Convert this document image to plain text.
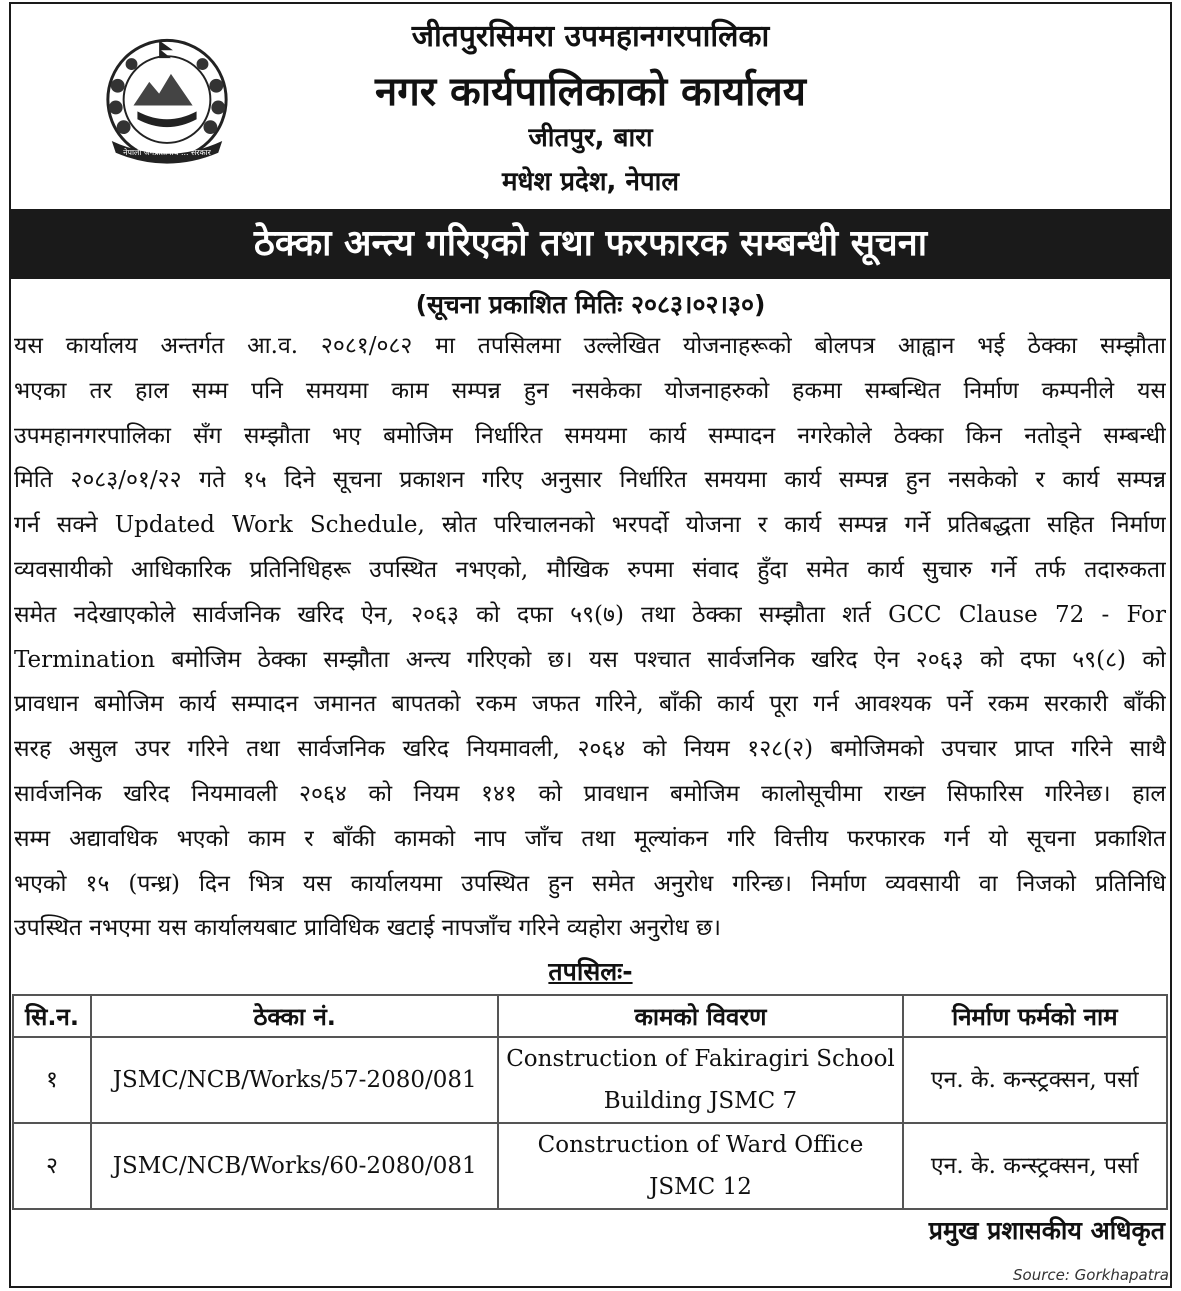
नेपाली जनप्रतिनिधि ... सरकार
जीतपुरसिमरा उपमहानगरपालिका
नगर कार्यपालिकाको कार्यालय
जीतपुर, बारा
मधेश प्रदेश, नेपाल
ठेक्का अन्त्य गरिएको तथा फरफारक सम्बन्धी सूचना
(सूचना प्रकाशित मितिः २०८३।०२।३०)
यस कार्यालय अन्तर्गत आ.व. २०८१/०८२ मा तपसिलमा उल्लेखित योजनाहरूको बोलपत्र आह्वान भई ठेक्का सम्झौता
भएका तर हाल सम्म पनि समयमा काम सम्पन्न हुन नसकेका योजनाहरुको हकमा सम्बन्धित निर्माण कम्पनीले यस
उपमहानगरपालिका सँग सम्झौता भए बमोजिम निर्धारित समयमा कार्य सम्पादन नगरेकोले ठेक्का किन नतोड्ने सम्बन्धी
मिति २०८३/०१/२२ गते १५ दिने सूचना प्रकाशन गरिए अनुसार निर्धारित समयमा कार्य सम्पन्न हुन नसकेको र कार्य सम्पन्न
गर्न सक्ने Updated Work Schedule, स्रोत परिचालनको भरपर्दो योजना र कार्य सम्पन्न गर्ने प्रतिबद्धता सहित निर्माण
व्यवसायीको आधिकारिक प्रतिनिधिहरू उपस्थित नभएको, मौखिक रुपमा संवाद हुँदा समेत कार्य सुचारु गर्ने तर्फ तदारुकता
समेत नदेखाएकोले सार्वजनिक खरिद ऐन, २०६३ को दफा ५९(७) तथा ठेक्का सम्झौता शर्त GCC Clause 72 - For
Termination बमोजिम ठेक्का सम्झौता अन्त्य गरिएको छ। यस पश्चात सार्वजनिक खरिद ऐन २०६३ को दफा ५९(८) को
प्रावधान बमोजिम कार्य सम्पादन जमानत बापतको रकम जफत गरिने, बाँकी कार्य पूरा गर्न आवश्यक पर्ने रकम सरकारी बाँकी
सरह असुल उपर गरिने तथा सार्वजनिक खरिद नियमावली, २०६४ को नियम १२८(२) बमोजिमको उपचार प्राप्त गरिने साथै
सार्वजनिक खरिद नियमावली २०६४ को नियम १४१ को प्रावधान बमोजिम कालोसूचीमा राख्न सिफारिस गरिनेछ। हाल
सम्म अद्यावधिक भएको काम र बाँकी कामको नाप जाँच तथा मूल्यांकन गरि वित्तीय फरफारक गर्न यो सूचना प्रकाशित
भएको १५ (पन्ध्र) दिन भित्र यस कार्यालयमा उपस्थित हुन समेत अनुरोध गरिन्छ। निर्माण व्यवसायी वा निजको प्रतिनिधि
उपस्थित नभएमा यस कार्यालयबाट प्राविधिक खटाई नापजाँच गरिने व्यहोरा अनुरोध छ।
तपसिलः-
सि.न.	ठेक्का नं.	कामको विवरण	निर्माण फर्मको नाम
१	JSMC/NCB/Works/57-2080/081	Construction of Fakiragiri School
Building JSMC 7	एन. के. कन्स्ट्रक्सन, पर्सा
२	JSMC/NCB/Works/60-2080/081	Construction of Ward Office
JSMC 12	एन. के. कन्स्ट्रक्सन, पर्सा
प्रमुख प्रशासकीय अधिकृत
Source: Gorkhapatra
